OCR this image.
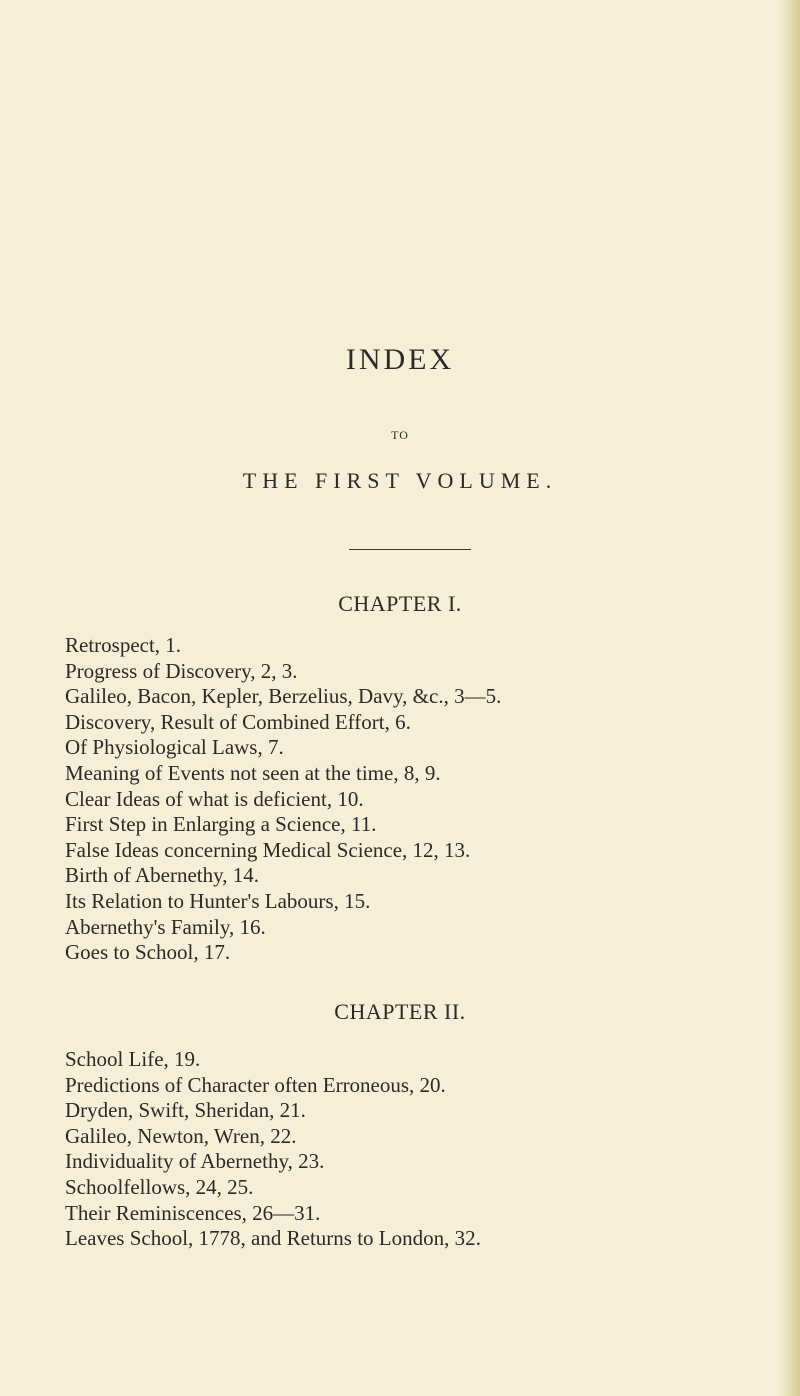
INDEX
TO
THE FIRST VOLUME.
CHAPTER I.
Retrospect, 1.
Progress of Discovery, 2, 3.
Galileo, Bacon, Kepler, Berzelius, Davy, &c., 3—5.
Discovery, Result of Combined Effort, 6.
Of Physiological Laws, 7.
Meaning of Events not seen at the time, 8, 9.
Clear Ideas of what is deficient, 10.
First Step in Enlarging a Science, 11.
False Ideas concerning Medical Science, 12, 13.
Birth of Abernethy, 14.
Its Relation to Hunter's Labours, 15.
Abernethy's Family, 16.
Goes to School, 17.
CHAPTER II.
School Life, 19.
Predictions of Character often Erroneous, 20.
Dryden, Swift, Sheridan, 21.
Galileo, Newton, Wren, 22.
Individuality of Abernethy, 23.
Schoolfellows, 24, 25.
Their Reminiscences, 26—31.
Leaves School, 1778, and Returns to London, 32.
